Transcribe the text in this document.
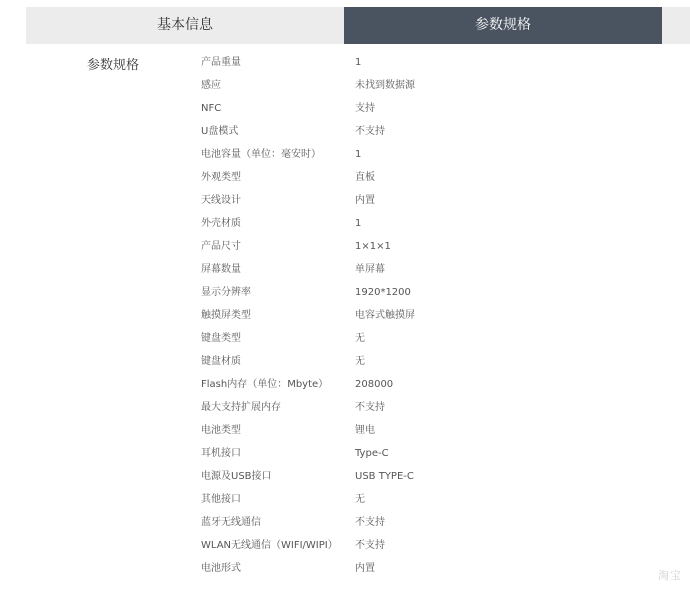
基本信息	参数规格
参数规格	产品重量	1
感应	未找到数据源
NFC	支持
U盘模式	不支持
电池容量（单位：毫安时）	1
外观类型	直板
天线设计	内置
外壳材质	1
产品尺寸	1×1×1
屏幕数量	单屏幕
显示分辨率	1920*1200
触摸屏类型	电容式触摸屏
键盘类型	无
键盘材质	无
Flash内存（单位：Mbyte）	208000
最大支持扩展内存	不支持
电池类型	锂电
耳机接口	Type-C
电源及USB接口	USB TYPE-C
其他接口	无
蓝牙无线通信	不支持
WLAN无线通信（WIFI/WIPI） 不支持
电池形式	内置
淘宝
